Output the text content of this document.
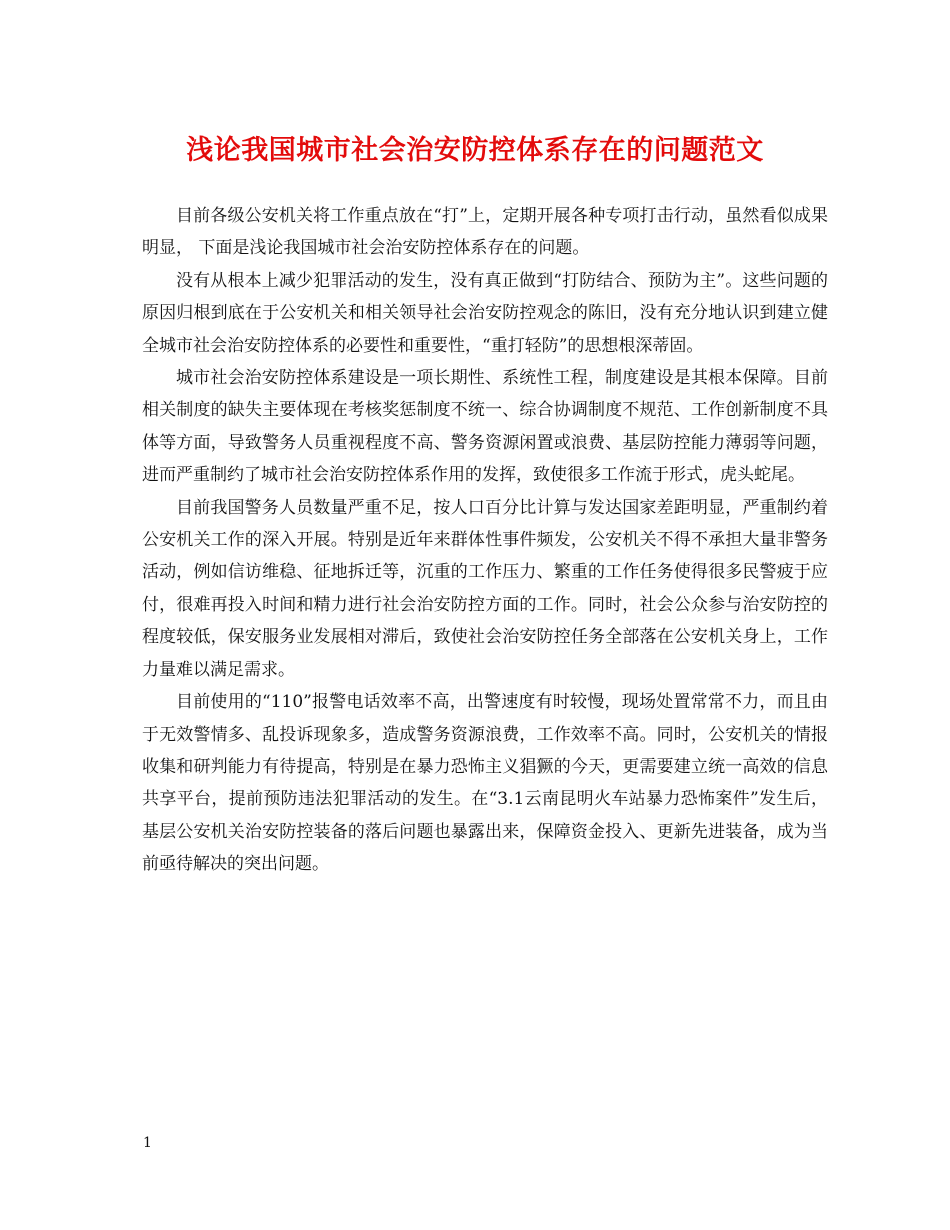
浅论我国城市社会治安防控体系存在的问题范文

目前各级公安机关将工作重点放在“打”上，定期开展各种专项打击行动，虽然看似成果明显， 下面是浅论我国城市社会治安防控体系存在的问题。

没有从根本上减少犯罪活动的发生，没有真正做到“打防结合、预防为主”。这些问题的原因归根到底在于公安机关和相关领导社会治安防控观念的陈旧，没有充分地认识到建立健全城市社会治安防控体系的必要性和重要性，“重打轻防”的思想根深蒂固。

城市社会治安防控体系建设是一项长期性、系统性工程，制度建设是其根本保障。目前相关制度的缺失主要体现在考核奖惩制度不统一、综合协调制度不规范、工作创新制度不具体等方面，导致警务人员重视程度不高、警务资源闲置或浪费、基层防控能力薄弱等问题，进而严重制约了城市社会治安防控体系作用的发挥，致使很多工作流于形式，虎头蛇尾。

目前我国警务人员数量严重不足，按人口百分比计算与发达国家差距明显，严重制约着公安机关工作的深入开展。特别是近年来群体性事件频发，公安机关不得不承担大量非警务活动，例如信访维稳、征地拆迁等，沉重的工作压力、繁重的工作任务使得很多民警疲于应付，很难再投入时间和精力进行社会治安防控方面的工作。同时，社会公众参与治安防控的程度较低，保安服务业发展相对滞后，致使社会治安防控任务全部落在公安机关身上，工作力量难以满足需求。

目前使用的“110”报警电话效率不高，出警速度有时较慢，现场处置常常不力，而且由于无效警情多、乱投诉现象多，造成警务资源浪费，工作效率不高。同时，公安机关的情报收集和研判能力有待提高，特别是在暴力恐怖主义猖獗的今天，更需要建立统一高效的信息共享平台，提前预防违法犯罪活动的发生。在“3.1云南昆明火车站暴力恐怖案件”发生后，基层公安机关治安防控装备的落后问题也暴露出来，保障资金投入、更新先进装备，成为当前亟待解决的突出问题。

1
